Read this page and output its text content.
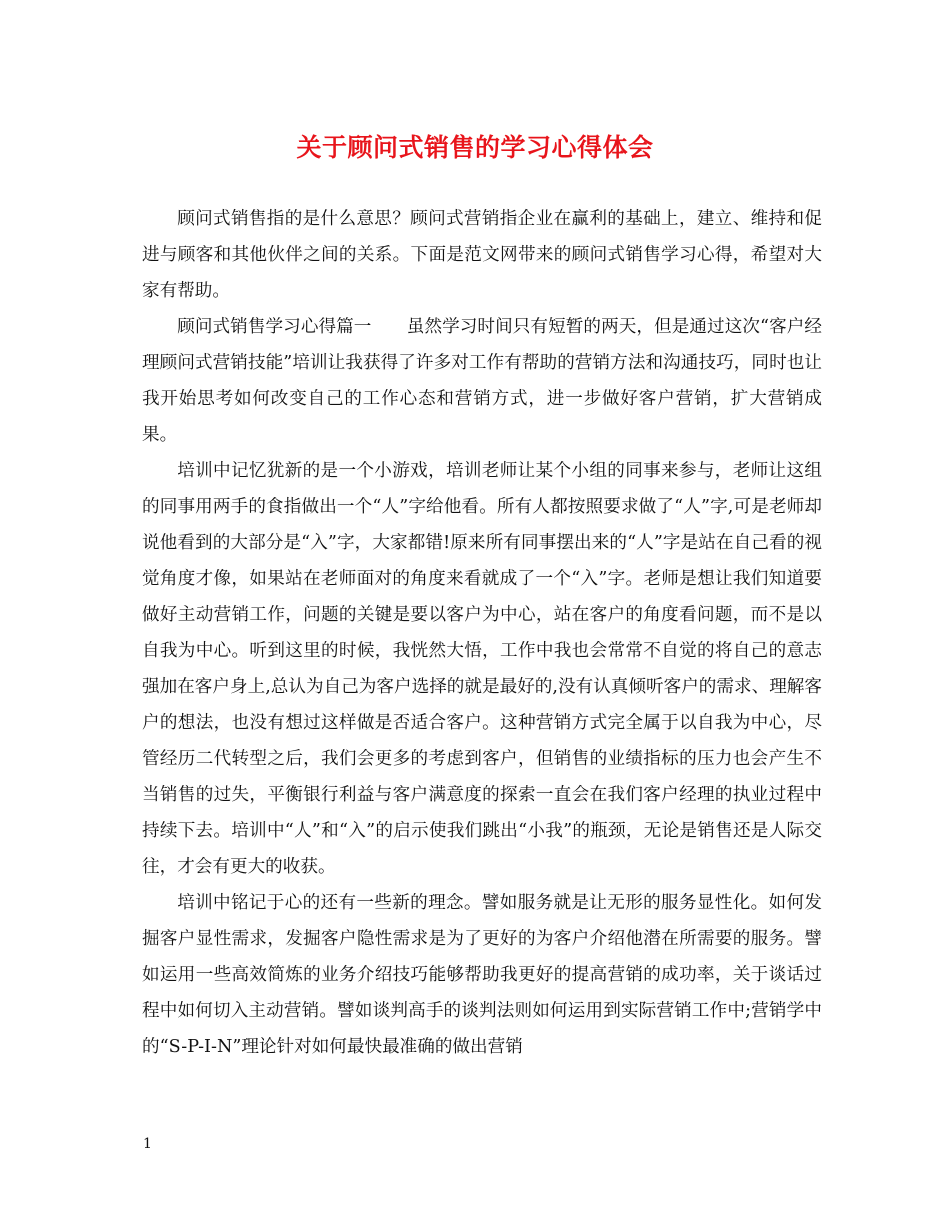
关于顾问式销售的学习心得体会

顾问式销售指的是什么意思？顾问式营销指企业在赢利的基础上，建立、维持和促进与顾客和其他伙伴之间的关系。下面是范文网带来的顾问式销售学习心得，希望对大家有帮助。

顾问式销售学习心得篇一　　虽然学习时间只有短暂的两天，但是通过这次“客户经理顾问式营销技能”培训让我获得了许多对工作有帮助的营销方法和沟通技巧，同时也让我开始思考如何改变自己的工作心态和营销方式，进一步做好客户营销，扩大营销成果。

培训中记忆犹新的是一个小游戏，培训老师让某个小组的同事来参与，老师让这组的同事用两手的食指做出一个“人”字给他看。所有人都按照要求做了“人”字,可是老师却说他看到的大部分是“入”字，大家都错!原来所有同事摆出来的“人”字是站在自己看的视觉角度才像，如果站在老师面对的角度来看就成了一个“入”字。老师是想让我们知道要做好主动营销工作，问题的关键是要以客户为中心，站在客户的角度看问题，而不是以自我为中心。听到这里的时候，我恍然大悟，工作中我也会常常不自觉的将自己的意志强加在客户身上,总认为自己为客户选择的就是最好的,没有认真倾听客户的需求、理解客户的想法，也没有想过这样做是否适合客户。这种营销方式完全属于以自我为中心，尽管经历二代转型之后，我们会更多的考虑到客户，但销售的业绩指标的压力也会产生不当销售的过失，平衡银行利益与客户满意度的探索一直会在我们客户经理的执业过程中持续下去。培训中“人”和“入”的启示使我们跳出“小我”的瓶颈，无论是销售还是人际交往，才会有更大的收获。

培训中铭记于心的还有一些新的理念。譬如服务就是让无形的服务显性化。如何发掘客户显性需求，发掘客户隐性需求是为了更好的为客户介绍他潜在所需要的服务。譬如运用一些高效简炼的业务介绍技巧能够帮助我更好的提高营销的成功率，关于谈话过程中如何切入主动营销。譬如谈判高手的谈判法则如何运用到实际营销工作中;营销学中的“S-P-I-N”理论针对如何最快最准确的做出营销

1
